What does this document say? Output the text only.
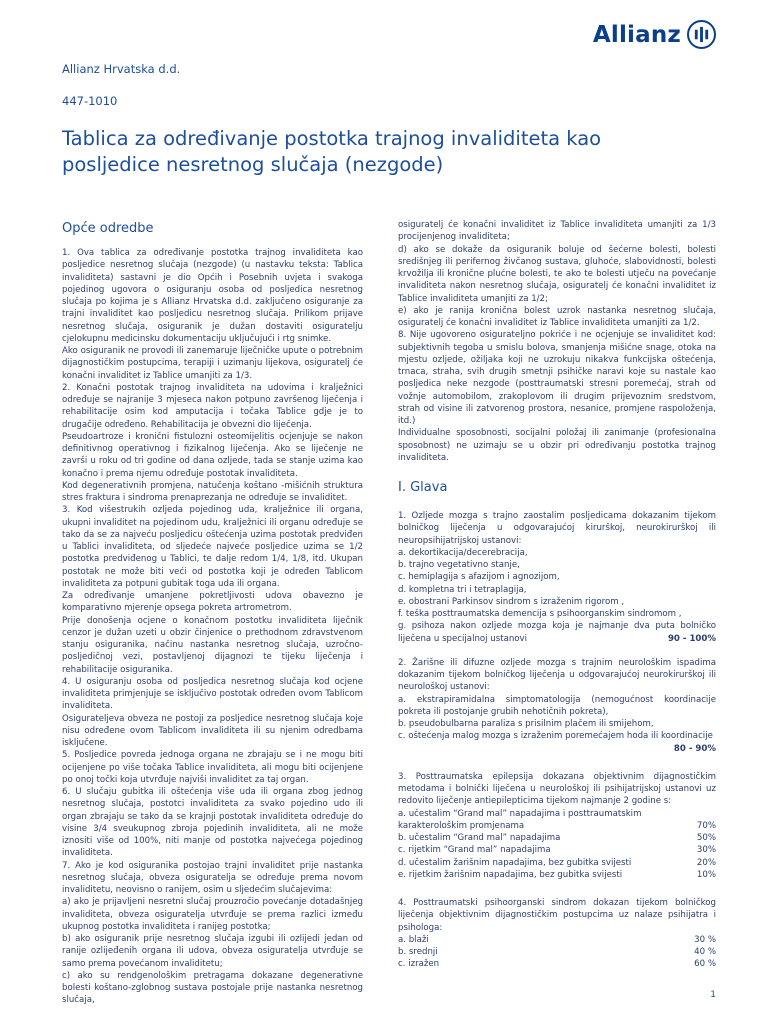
Allianz
Allianz Hrvatska d.d.
447-1010
Tablica za određivanje postotka trajnog invaliditeta kao posljedice nesretnog slučaja (nezgode)
Opće odredbe

1. Ova tablica za određivanje postotka trajnog invaliditeta kao posljedice nesretnog slučaja (nezgode) (u nastavku teksta: Tablica invaliditeta) sastavni je dio Općih i Posebnih uvjeta i svakoga pojedinog ugovora o osiguranju osoba od posljedica nesretnog slučaja po kojima je s Allianz Hrvatska d.d. zaključeno osiguranje za trajni invaliditet kao posljedicu nesretnog slučaja. Prilikom prijave nesretnog slučaja, osiguranik je dužan dostaviti osiguratelju cjelokupnu medicinsku dokumentaciju uključujući i rtg snimke.

Ako osiguranik ne provodi ili zanemaruje liječničke upute o potrebnim dijagnostičkim postupcima, terapiji i uzimanju lijekova, osiguratelj će konačni invaliditet iz Tablice umanjiti za 1/3.

2. Konačni postotak trajnog invaliditeta na udovima i kralježnici određuje se najranije 3 mjeseca nakon potpuno završenog liječenja i rehabilitacije osim kod amputacija i točaka Tablice gdje je to drugačije određeno. Rehabilitacija je obvezni dio liječenja.

Pseudoartroze i kronični fistulozni osteomijelitis ocjenjuje se nakon definitivnog operativnog i fizikalnog liječenja. Ako se liječenje ne završi u roku od tri godine od dana ozljede, tada se stanje uzima kao konačno i prema njemu određuje postotak invaliditeta.

Kod degenerativnih promjena, natučenja koštano -mišićnih struktura stres fraktura i sindroma prenaprezanja ne određuje se invaliditet.

3. Kod višestrukih ozljeda pojedinog uda, kralježnice ili organa, ukupni invaliditet na pojedinom udu, kralježnici ili organu određuje se tako da se za najveću posljedicu oštećenja uzima postotak predviđen u Tablici invaliditeta, od sljedeće najveće posljedice uzima se 1/2 postotka predviđenog u Tablici, te dalje redom 1/4, 1/8, itd. Ukupan postotak ne može biti veći od postotka koji je određen Tablicom invaliditeta za potpuni gubitak toga uda ili organa.

Za određivanje umanjene pokretljivosti udova obavezno je komparativno mjerenje opsega pokreta artrometrom.

Prije donošenja ocjene o konačnom postotku invaliditeta liječnik cenzor je dužan uzeti u obzir činjenice o prethodnom zdravstvenom stanju osiguranika, načinu nastanka nesretnog slučaja, uzročno-posljedičnoj vezi, postavljenoj dijagnozi te tijeku liječenja i rehabilitacije osiguranika.

4. U osiguranju osoba od posljedica nesretnog slučaja kod ocjene invaliditeta primjenjuje se isključivo postotak određen ovom Tablicom invaliditeta.

Osigurateljeva obveza ne postoji za posljedice nesretnog slučaja koje nisu određene ovom Tablicom invaliditeta ili su njenim odredbama isključene.

5. Posljedice povreda jednoga organa ne zbrajaju se i ne mogu biti ocijenjene po više točaka Tablice invaliditeta, ali mogu biti ocijenjene po onoj točki koja utvrđuje najviši invaliditet za taj organ.

6. U slučaju gubitka ili oštećenja više uda ili organa zbog jednog nesretnog slučaja, postotci invaliditeta za svako pojedino udo ili organ zbrajaju se tako da se krajnji postotak invaliditeta određuje do visine 3/4 sveukupnog zbroja pojedinih invaliditeta, ali ne može iznositi više od 100%, niti manje od postotka najvećega pojedinog invaliditeta.

7. Ako je kod osiguranika postojao trajni invaliditet prije nastanka nesretnog slučaja, obveza osiguratelja se određuje prema novom invaliditetu, neovisno o ranijem, osim u sljedećim slučajevima:

a) ako je prijavljeni nesretni slučaj prouzročio povećanje dotadašnjeg invaliditeta, obveza osiguratelja utvrđuje se prema razlici između ukupnog postotka invaliditeta i ranijeg postotka;

b) ako osiguranik prije nesretnog slučaja izgubi ili ozlijedi jedan od ranije ozlijeđenih organa ili udova, obveza osiguratelja utvrđuje se samo prema povećanom invaliditetu;

c) ako su rendgenološkim pretragama dokazane degenerativne bolesti koštano-zglobnog sustava postojale prije nastanka nesretnog slučaja,

osiguratelj će konačni invaliditet iz Tablice invaliditeta umanjiti za 1/3 procijenjenog invaliditeta;

d) ako se dokaže da osiguranik boluje od šećerne bolesti, bolesti središnjeg ili perifernog živčanog sustava, gluhoće, slabovidnosti, bolesti krvožilja ili kronične plućne bolesti, te ako te bolesti utječu na povećanje invaliditeta nakon nesretnog slučaja, osiguratelj će konačni invaliditet iz Tablice invaliditeta umanjiti za 1/2;

e) ako je ranija kronična bolest uzrok nastanka nesretnog slučaja, osiguratelj će konačni invaliditet iz Tablice invaliditeta umanjiti za 1/2.

8. Nije ugovoreno osigurateljno pokriće i ne ocjenjuje se invaliditet kod: subjektivnih tegoba u smislu bolova, smanjenja mišićne snage, otoka na mjestu ozljede, ožiljaka koji ne uzrokuju nikakva funkcijska oštećenja, trnaca, straha, svih drugih smetnji psihičke naravi koje su nastale kao posljedica neke nezgode (posttraumatski stresni poremećaj, strah od vožnje automobilom, zrakoplovom ili drugim prijevoznim sredstvom, strah od visine ili zatvorenog prostora, nesanice, promjene raspoloženja, itd.)

Individualne sposobnosti, socijalni položaj ili zanimanje (profesionalna sposobnost) ne uzimaju se u obzir pri određivanju postotka trajnog invaliditeta.

I. Glava

1. Ozljede mozga s trajno zaostalim posljedicama dokazanim tijekom bolničkog liječenja u odgovarajućoj kirurškoj, neurokirurškoj ili neuropsihijatrijskoj ustanovi:

a. dekortikacija/decerebracija,
b. trajno vegetativno stanje,
c. hemiplagija s afazijom i agnozijom,
d. kompletna tri i tetraplagija,
e. obostrani Parkinsov sindrom s izraženim rigorom ,
f. teška posttraumatska demencija s psihoorganskim sindromom ,
g. psihoza nakon ozljede mozga koja je najmanje dva puta bolničko liječena u specijalnoj ustanovi	90 - 100%

2. Žarišne ili difuzne ozljede mozga s trajnim neurološkim ispadima dokazanim tijekom bolničkog liječenja u odgovarajućoj neurokirurškoj ili neurološkoj ustanovi:

a. ekstrapiramidalna simptomatologija (nemogućnost koordinacije pokreta ili postojanje grubih nehotičnih pokreta),
b. pseudobulbarna paraliza s prisilnim plačem ili smijehom,
c. oštećenja malog mozga s izraženim poremećajem hoda ili koordinacije
80 - 90%

3. Posttraumatska epilepsija dokazana objektivnim dijagnostičkim metodama i bolnički liječena u neurološkoj ili psihijatrijskoj ustanovi uz redovito liječenje antiepilepticima tijekom najmanje 2 godine s:

a. učestalim “Grand mal” napadajima i posttraumatskim karakterološkim promjenama	70%
b. učestalim “Grand mal” napadajima	50%
c. rijetkim “Grand mal” napadajima	30%
d. učestalim žarišnim napadajima, bez gubitka svijesti	20%
e. rijetkim žarišnim napadajima, bez gubitka svijesti	10%

4. Posttraumatski psihoorganski sindrom dokazan tijekom bolničkog liječenja objektivnim dijagnostičkim postupcima uz nalaze psihijatra i psihologa:

a. blaži	30 %
b. srednji	40 %
c. izražen	60 %
1
